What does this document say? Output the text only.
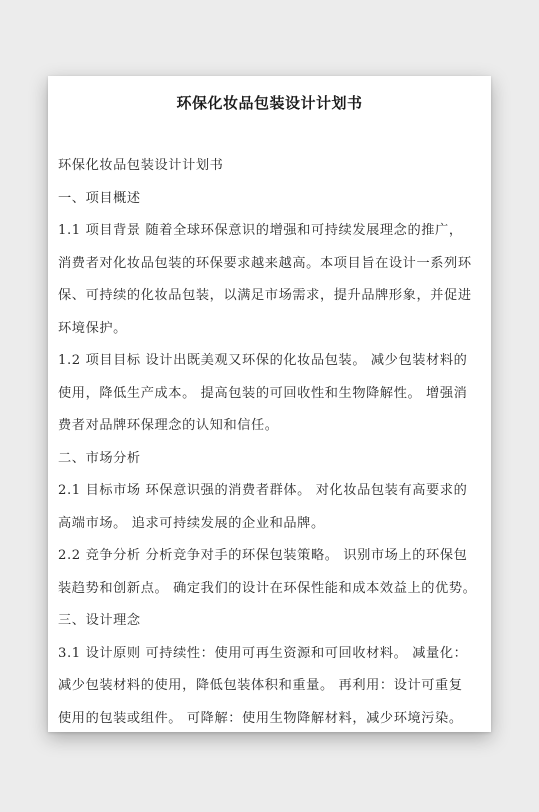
环保化妆品包装设计计划书
环保化妆品包装设计计划书
一、项目概述
1.1 项目背景 随着全球环保意识的增强和可持续发展理念的推广，
消费者对化妆品包装的环保要求越来越高。本项目旨在设计一系列环
保、可持续的化妆品包装，以满足市场需求，提升品牌形象，并促进
环境保护。
1.2 项目目标 设计出既美观又环保的化妆品包装。 减少包装材料的
使用，降低生产成本。 提高包装的可回收性和生物降解性。 增强消
费者对品牌环保理念的认知和信任。
二、市场分析
2.1 目标市场 环保意识强的消费者群体。 对化妆品包装有高要求的
高端市场。 追求可持续发展的企业和品牌。
2.2 竞争分析 分析竞争对手的环保包装策略。 识别市场上的环保包
装趋势和创新点。 确定我们的设计在环保性能和成本效益上的优势。
三、设计理念
3.1 设计原则 可持续性：使用可再生资源和可回收材料。 减量化：
减少包装材料的使用，降低包装体积和重量。 再利用：设计可重复
使用的包装或组件。 可降解：使用生物降解材料，减少环境污染。
